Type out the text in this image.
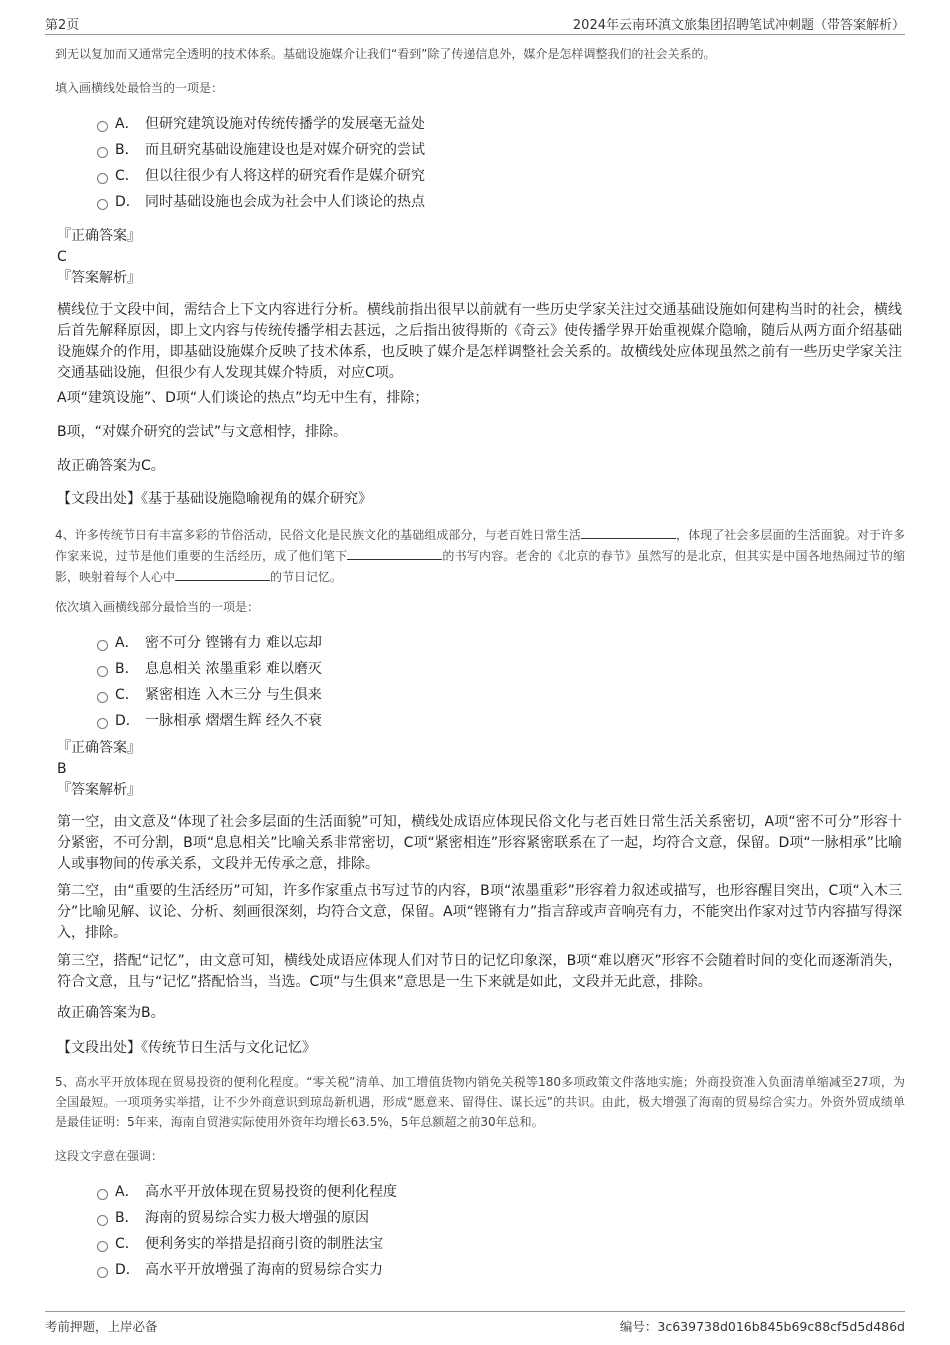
第2页	2024年云南环滇文旅集团招聘笔试冲刺题（带答案解析）
到无以复加而又通常完全透明的技术体系。基础设施媒介让我们“看到”除了传递信息外，媒介是怎样调整我们的社会关系的。
填入画横线处最恰当的一项是：
A． 但研究建筑设施对传统传播学的发展毫无益处
B． 而且研究基础设施建设也是对媒介研究的尝试
C． 但以往很少有人将这样的研究看作是媒介研究
D． 同时基础设施也会成为社会中人们谈论的热点
『正确答案』
C
『答案解析』
横线位于文段中间，需结合上下文内容进行分析。横线前指出很早以前就有一些历史学家关注过交通基础设施如何建构当时的社会，横线后首先解释原因，即上文内容与传统传播学相去甚远，之后指出彼得斯的《奇云》使传播学界开始重视媒介隐喻，随后从两方面介绍基础设施媒介的作用，即基础设施媒介反映了技术体系，也反映了媒介是怎样调整社会关系的。故横线处应体现虽然之前有一些历史学家关注交通基础设施，但很少有人发现其媒介特质，对应C项。
A项“建筑设施”、D项“人们谈论的热点”均无中生有，排除；
B项，“对媒介研究的尝试”与文意相悖，排除。
故正确答案为C。
【文段出处】《基于基础设施隐喻视角的媒介研究》
4、许多传统节日有丰富多彩的节俗活动，民俗文化是民族文化的基础组成部分，与老百姓日常生活	，体现了社会多层面的生活面貌。对于许多作家来说，过节是他们重要的生活经历，成了他们笔下	的书写内容。老舍的《北京的春节》虽然写的是北京，但其实是中国各地热闹过节的缩影，映射着每个人心中	的节日记忆。
依次填入画横线部分最恰当的一项是：
A． 密不可分 铿锵有力 难以忘却
B． 息息相关 浓墨重彩 难以磨灭
C． 紧密相连 入木三分 与生俱来
D． 一脉相承 熠熠生辉 经久不衰
『正确答案』
B
『答案解析』
第一空，由文意及“体现了社会多层面的生活面貌”可知，横线处成语应体现民俗文化与老百姓日常生活关系密切，A项“密不可分”形容十分紧密，不可分割，B项“息息相关”比喻关系非常密切，C项“紧密相连”形容紧密联系在了一起，均符合文意，保留。D项“一脉相承”比喻人或事物间的传承关系，文段并无传承之意，排除。
第二空，由“重要的生活经历”可知，许多作家重点书写过节的内容，B项“浓墨重彩”形容着力叙述或描写，也形容醒目突出，C项“入木三分”比喻见解、议论、分析、刻画很深刻，均符合文意，保留。A项“铿锵有力”指言辞或声音响亮有力，不能突出作家对过节内容描写得深入，排除。
第三空，搭配“记忆”，由文意可知，横线处成语应体现人们对节日的记忆印象深，B项“难以磨灭”形容不会随着时间的变化而逐渐消失，符合文意，且与“记忆”搭配恰当，当选。C项“与生俱来”意思是一生下来就是如此，文段并无此意，排除。
故正确答案为B。
【文段出处】《传统节日生活与文化记忆》
5、高水平开放体现在贸易投资的便利化程度。“零关税”清单、加工增值货物内销免关税等180多项政策文件落地实施；外商投资准入负面清单缩减至27项，为全国最短。一项项务实举措，让不少外商意识到琼岛新机遇，形成“愿意来、留得住、谋长远”的共识。由此，极大增强了海南的贸易综合实力。外资外贸成绩单是最佳证明：5年来，海南自贸港实际使用外资年均增长63.5%，5年总额超之前30年总和。
这段文字意在强调：
A． 高水平开放体现在贸易投资的便利化程度
B． 海南的贸易综合实力极大增强的原因
C． 便利务实的举措是招商引资的制胜法宝
D． 高水平开放增强了海南的贸易综合实力
考前押题，上岸必备	编号：3c639738d016b845b69c88cf5d5d486d
